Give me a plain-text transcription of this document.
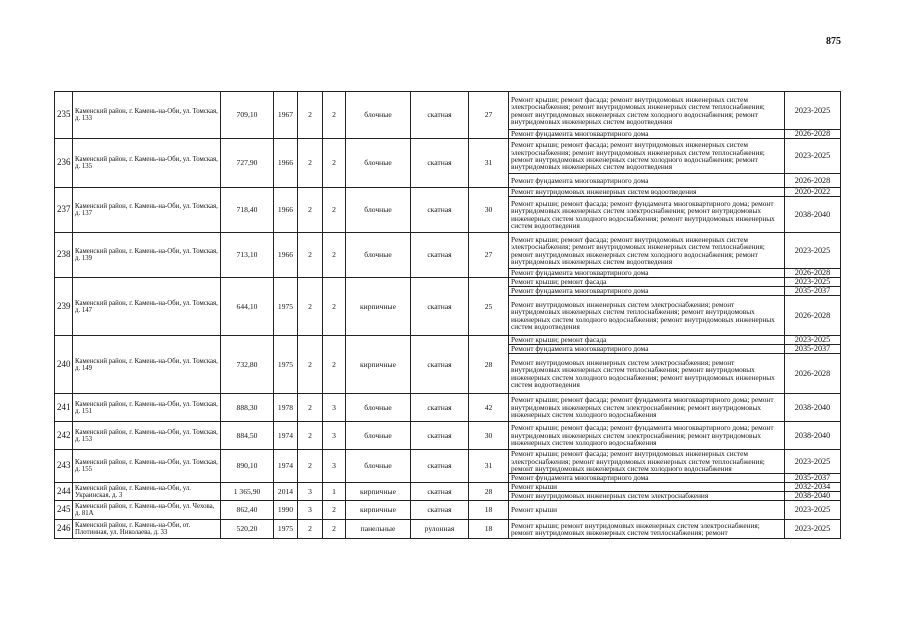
875
235	Каменский район, г. Камень-на-Оби, ул. Томская, д. 133	709,10	1967	2	2	блочные	скатная	27	Ремонт крыши; ремонт фасада; ремонт внутридомовых инженерных систем электроснабжения; ремонт внутридомовых инженерных систем теплоснабжения; ремонт внутридомовых инженерных систем холодного водоснабжения; ремонт внутридомовых инженерных систем водоотведения	2023-2025
									Ремонт фундамента многоквартирного дома	2026-2028
236	Каменский район, г. Камень-на-Оби, ул. Томская, д. 135	727,90	1966	2	2	блочные	скатная	31	Ремонт крыши; ремонт фасада; ремонт внутридомовых инженерных систем электроснабжения; ремонт внутридомовых инженерных систем теплоснабжения; ремонт внутридомовых инженерных систем холодного водоснабжения; ремонт внутридомовых инженерных систем водоотведения	2023-2025
									Ремонт фундамента многоквартирного дома	2026-2028
237	Каменский район, г. Камень-на-Оби, ул. Томская, д. 137	718,40	1966	2	2	блочные	скатная	30	Ремонт внутридомовых инженерных систем водоотведения	2020-2022
									Ремонт крыши; ремонт фасада; ремонт фундамента многоквартирного дома; ремонт внутридомовых инженерных систем электроснабжения; ремонт внутридомовых инженерных систем холодного водоснабжения; ремонт внутридомовых инженерных систем водоотведения	2038-2040
238	Каменский район, г. Камень-на-Оби, ул. Томская, д. 139	713,10	1966	2	2	блочные	скатная	27	Ремонт крыши; ремонт фасада; ремонт внутридомовых инженерных систем электроснабжения; ремонт внутридомовых инженерных систем теплоснабжения; ремонт внутридомовых инженерных систем холодного водоснабжения; ремонт внутридомовых инженерных систем водоотведения	2023-2025
									Ремонт фундамента многоквартирного дома	2026-2028
239	Каменский район, г. Камень-на-Оби, ул. Томская, д. 147	644,10	1975	2	2	кирпичные	скатная	25	Ремонт крыши; ремонт фасада	2023-2025
									Ремонт фундамента многоквартирного дома	2035-2037
									Ремонт внутридомовых инженерных систем электроснабжения; ремонт внутридомовых инженерных систем теплоснабжения; ремонт внутридомовых инженерных систем холодного водоснабжения; ремонт внутридомовых инженерных систем водоотведения	2026-2028
240	Каменский район, г. Камень-на-Оби, ул. Томская, д. 149	732,80	1975	2	2	кирпичные	скатная	28	Ремонт крыши; ремонт фасада	2023-2025
									Ремонт фундамента многоквартирного дома	2035-2037
									Ремонт внутридомовых инженерных систем электроснабжения; ремонт внутридомовых инженерных систем теплоснабжения; ремонт внутридомовых инженерных систем холодного водоснабжения; ремонт внутридомовых инженерных систем водоотведения	2026-2028
241	Каменский район, г. Камень-на-Оби, ул. Томская, д. 151	888,30	1978	2	3	блочные	скатная	42	Ремонт крыши; ремонт фасада; ремонт фундамента многоквартирного дома; ремонт внутридомовых инженерных систем электроснабжения; ремонт внутридомовых инженерных систем холодного водоснабжения	2038-2040
242	Каменский район, г. Камень-на-Оби, ул. Томская, д. 153	884,50	1974	2	3	блочные	скатная	30	Ремонт крыши; ремонт фасада; ремонт фундамента многоквартирного дома; ремонт внутридомовых инженерных систем электроснабжения; ремонт внутридомовых инженерных систем холодного водоснабжения	2038-2040
243	Каменский район, г. Камень-на-Оби, ул. Томская, д. 155	890,10	1974	2	3	блочные	скатная	31	Ремонт крыши; ремонт фасада; ремонт внутридомовых инженерных систем электроснабжения; ремонт внутридомовых инженерных систем теплоснабжения; ремонт внутридомовых инженерных систем холодного водоснабжения	2023-2025
									Ремонт фундамента многоквартирного дома	2035-2037
244	Каменский район, г. Камень-на-Оби, ул. Украинская, д. 3	1 365,90	2014	3	1	кирпичные	скатная	28	Ремонт крыши	2032-2034
									Ремонт внутридомовых инженерных систем электроснабжения	2038-2040
245	Каменский район, г. Камень-на-Оби, ул. Чехова, д. 81А	862,40	1990	3	2	кирпичные	скатная	18	Ремонт крыши	2023-2025
246	Каменский район, г. Камень-на-Оби, от. Плотинная, ул. Николаева, д. 33	520,20	1975	2	2	панельные	рулонная	18	Ремонт крыши; ремонт внутридомовых инженерных систем электроснабжения; ремонт внутридомовых инженерных систем теплоснабжения; ремонт	2023-2025
